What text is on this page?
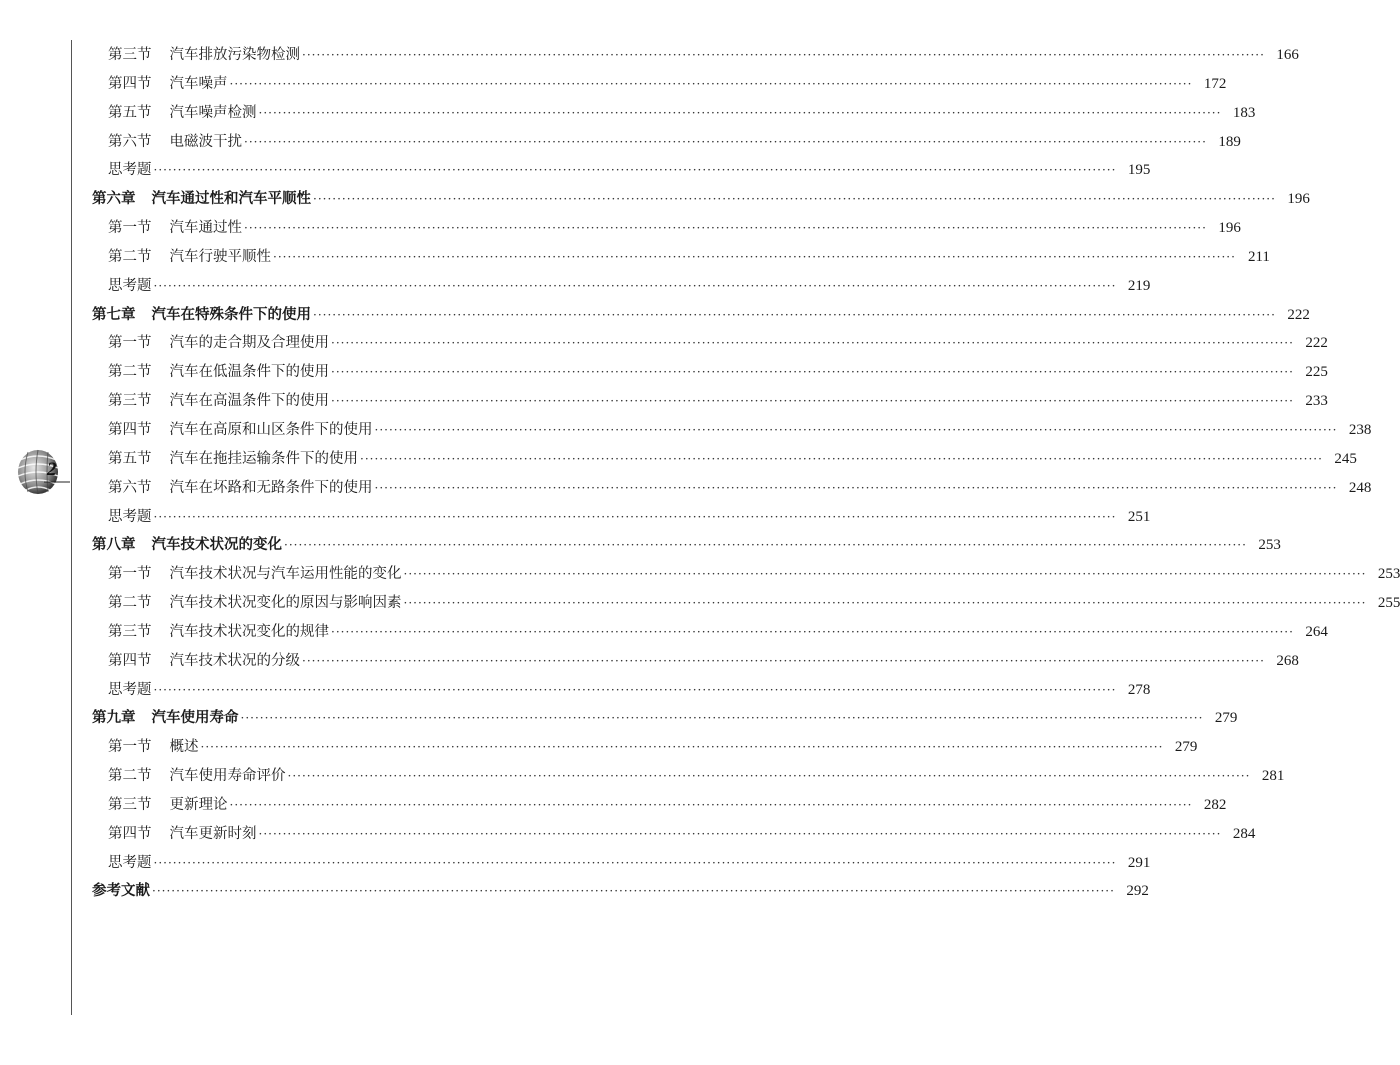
2
第三节 汽车排放污染物检测 ········································································································································································································ 166
第四节 汽车噪声 ········································································································································································································ 172
第五节 汽车噪声检测 ········································································································································································································ 183
第六节 电磁波干扰 ········································································································································································································ 189
思考题 ········································································································································································································ 195
第六章 汽车通过性和汽车平顺性 ········································································································································································································ 196
第一节 汽车通过性 ········································································································································································································ 196
第二节 汽车行驶平顺性 ········································································································································································································ 211
思考题 ········································································································································································································ 219
第七章 汽车在特殊条件下的使用 ········································································································································································································ 222
第一节 汽车的走合期及合理使用 ········································································································································································································ 222
第二节 汽车在低温条件下的使用 ········································································································································································································ 225
第三节 汽车在高温条件下的使用 ········································································································································································································ 233
第四节 汽车在高原和山区条件下的使用 ········································································································································································································ 238
第五节 汽车在拖挂运输条件下的使用 ········································································································································································································ 245
第六节 汽车在坏路和无路条件下的使用 ········································································································································································································ 248
思考题 ········································································································································································································ 251
第八章 汽车技术状况的变化 ········································································································································································································ 253
第一节 汽车技术状况与汽车运用性能的变化 ········································································································································································································ 253
第二节 汽车技术状况变化的原因与影响因素 ········································································································································································································ 255
第三节 汽车技术状况变化的规律 ········································································································································································································ 264
第四节 汽车技术状况的分级 ········································································································································································································ 268
思考题 ········································································································································································································ 278
第九章 汽车使用寿命 ········································································································································································································ 279
第一节 概述 ········································································································································································································ 279
第二节 汽车使用寿命评价 ········································································································································································································ 281
第三节 更新理论 ········································································································································································································ 282
第四节 汽车更新时刻 ········································································································································································································ 284
思考题 ········································································································································································································ 291
参考文献 ········································································································································································································ 292
